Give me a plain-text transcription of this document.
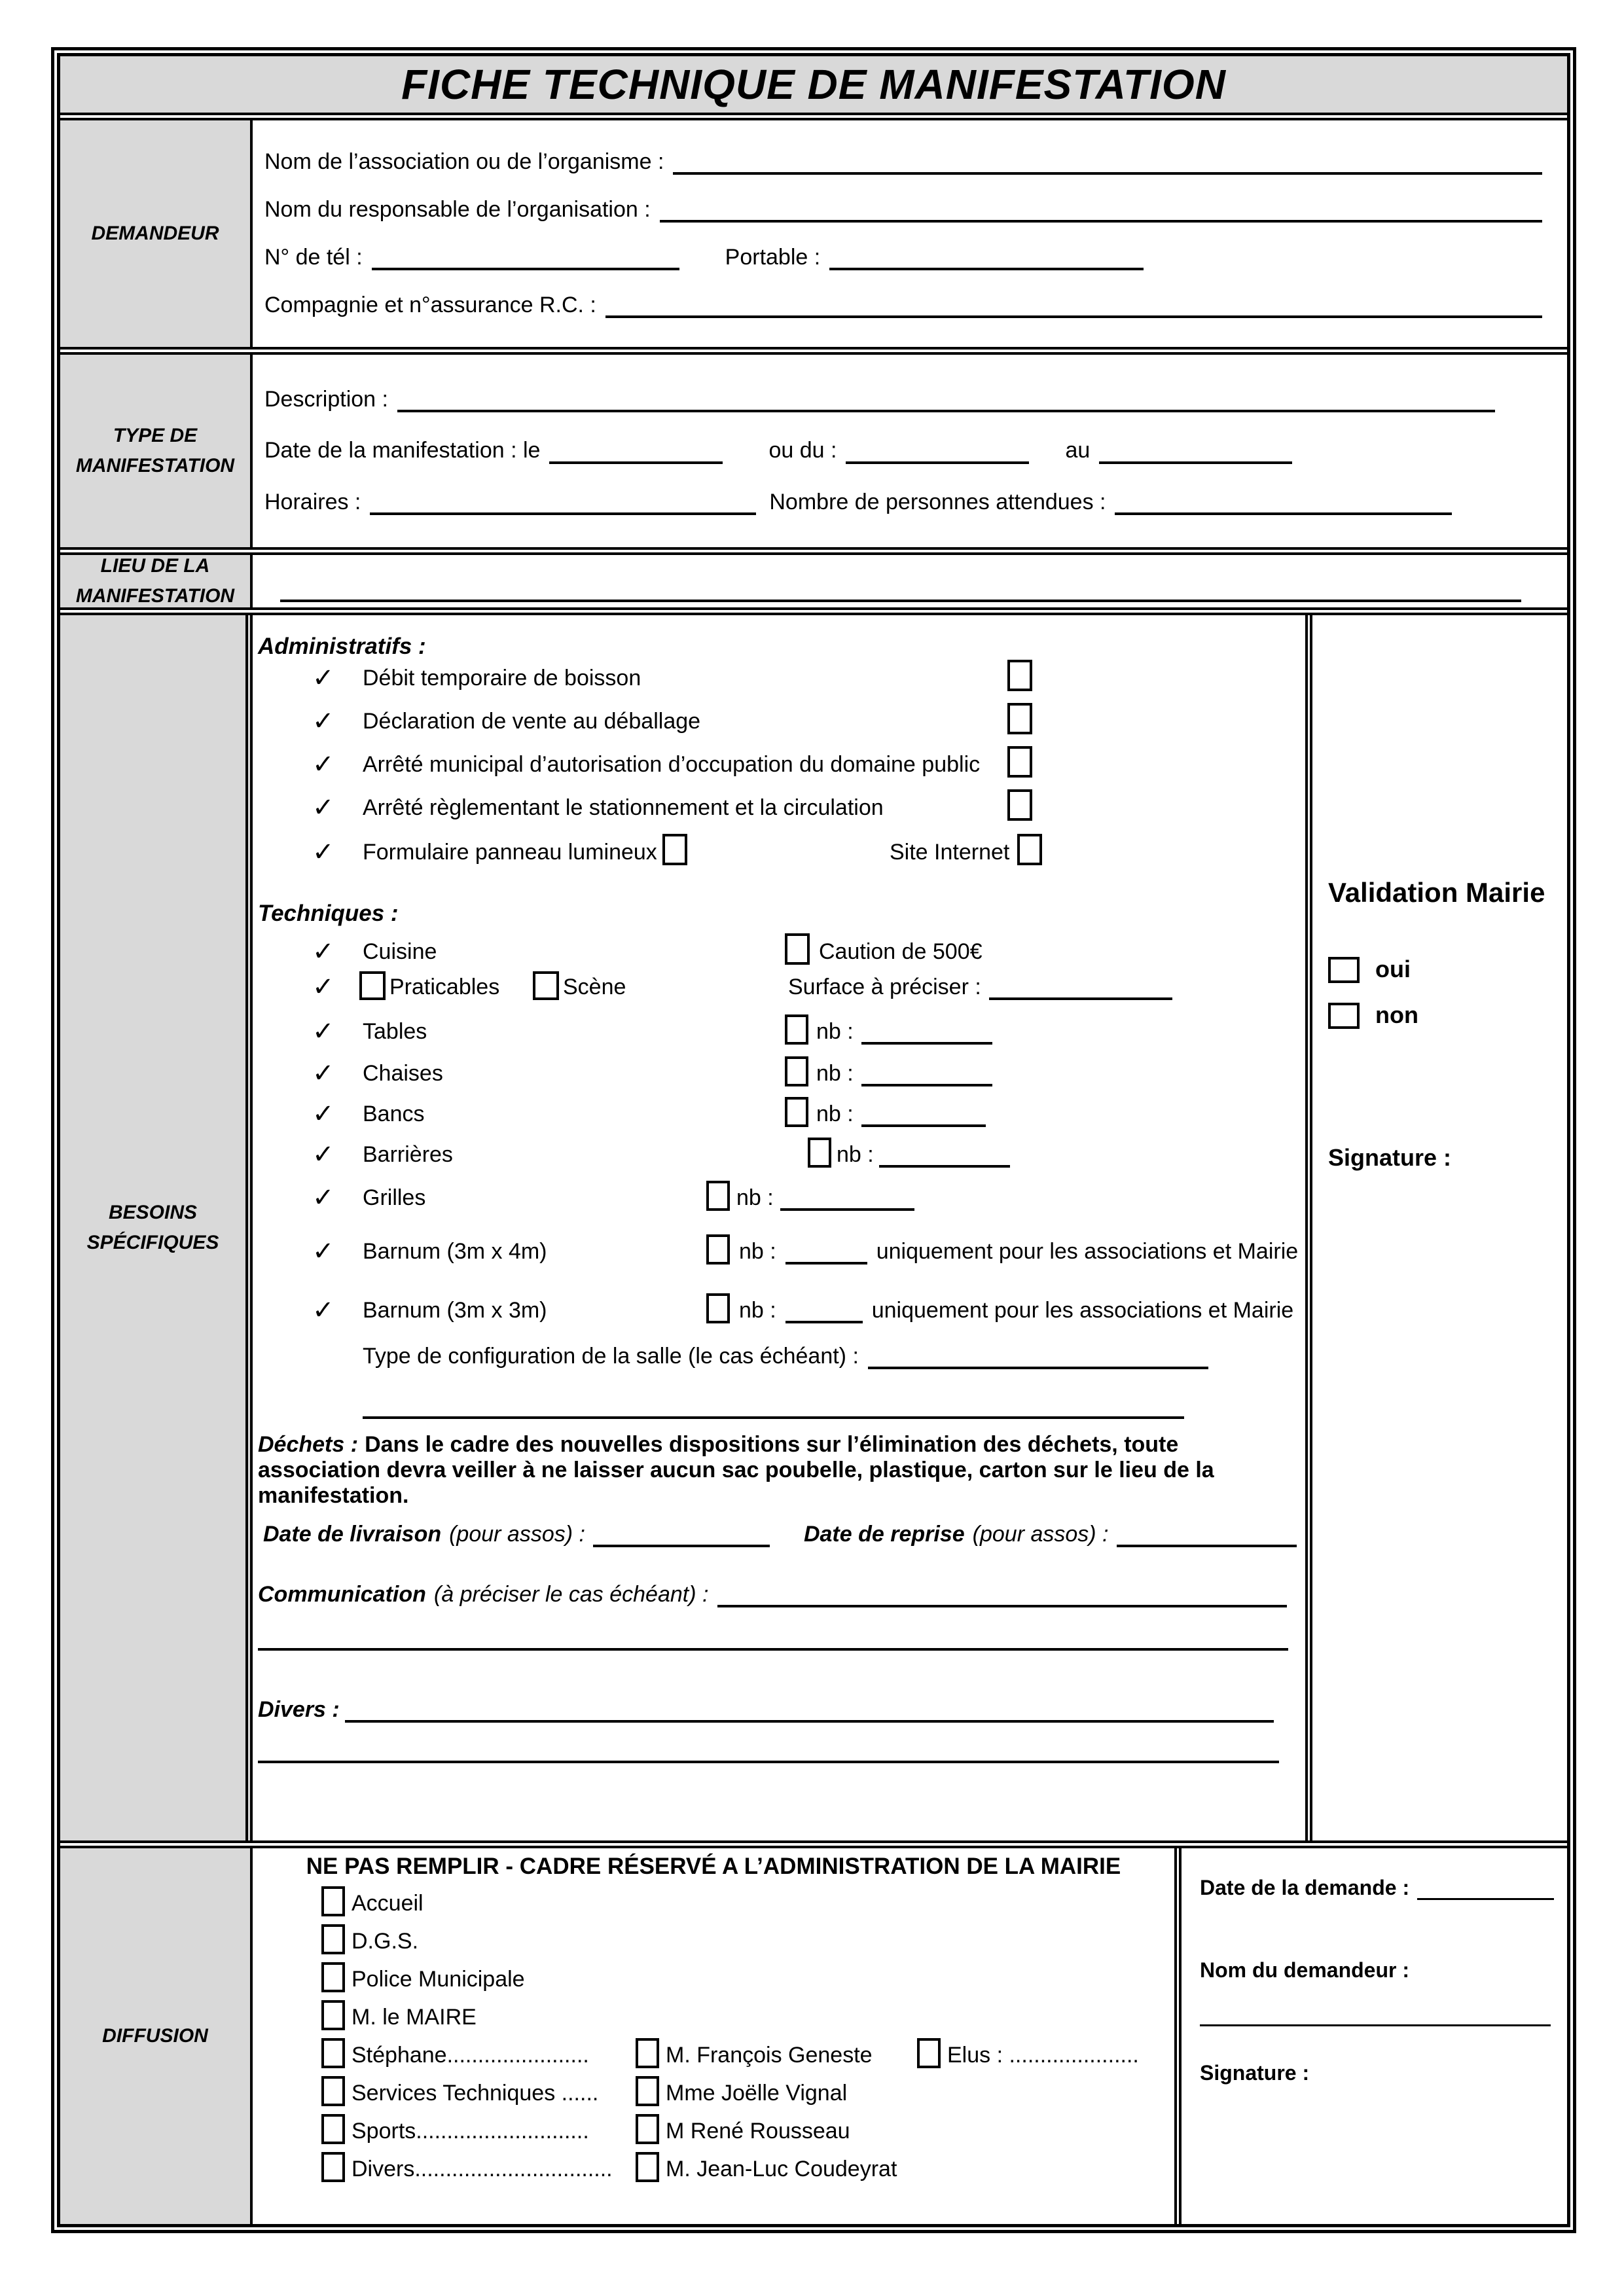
FICHE TECHNIQUE DE MANIFESTATION
DEMANDEUR
Nom de l’association ou de l’organisme :
Nom du responsable de l’organisation :
N° de tél :	Portable :
Compagnie et n°assurance R.C. :
TYPE DE MANIFESTATION
Description :
Date de la manifestation : le	ou du :	au
Horaires :	Nombre de personnes attendues :
LIEU DE LA MANIFESTATION
BESOINS SPÉCIFIQUES
Administratifs :
✓ Débit temporaire de boisson
✓ Déclaration de vente au déballage
✓ Arrêté municipal d’autorisation d’occupation du domaine public
✓ Arrêté règlementant le stationnement et la circulation
✓ Formulaire panneau lumineux	Site Internet
Techniques :
✓ Cuisine	Caution de 500€
✓ Praticables	Scène	Surface à préciser :
✓ Tables	nb :
✓ Chaises	nb :
✓ Bancs	nb :
✓ Barrières	nb :
✓ Grilles	nb :
✓ Barnum (3m x 4m)	nb :	uniquement pour les associations et Mairie
✓ Barnum (3m x 3m)	nb :	uniquement pour les associations et Mairie
Type de configuration de la salle (le cas échéant) :
Déchets : Dans le cadre des nouvelles dispositions sur l’élimination des déchets, toute association devra veiller à ne laisser aucun sac poubelle, plastique, carton sur le lieu de la manifestation.
Date de livraison (pour assos) :	Date de reprise (pour assos) :
Communication (à préciser le cas échéant) :
Divers :
Validation Mairie
oui
non
Signature :
DIFFUSION
NE PAS REMPLIR - CADRE RÉSERVÉ A L’ADMINISTRATION DE LA MAIRIE
Accueil
D.G.S.
Police Municipale
M. le MAIRE
Stéphane.......................	M. François Geneste	Elus : .....................
Services Techniques ......	Mme Joëlle Vignal
Sports............................	M René Rousseau
Divers................................ M. Jean-Luc Coudeyrat
Date de la demande :
Nom du demandeur :
Signature :
